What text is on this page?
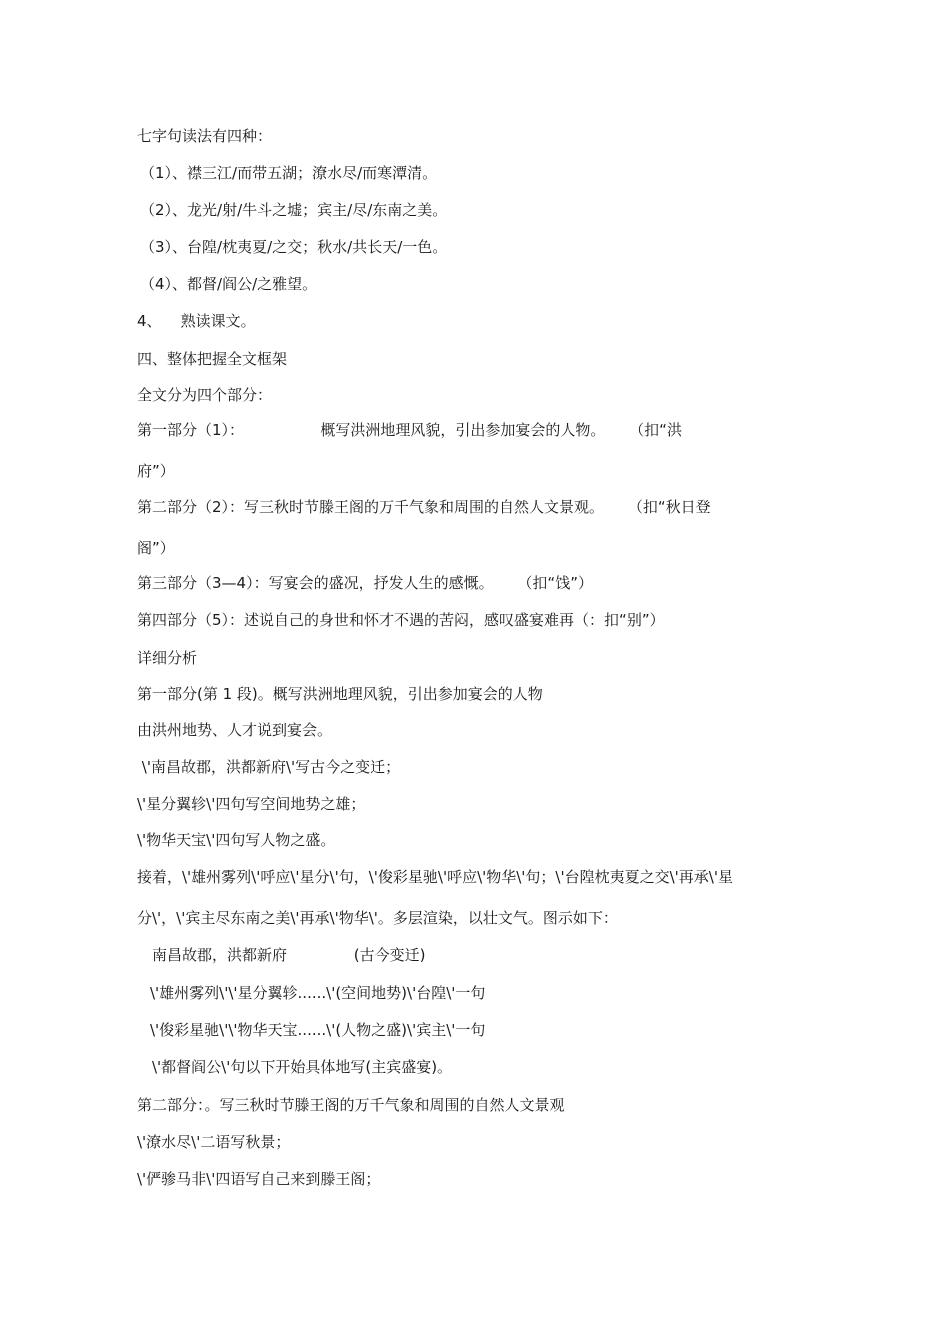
七字句读法有四种：
（1）、襟三江/而带五湖；潦水尽/而寒潭清。
（2）、龙光/射/牛斗之墟；宾主/尽/东南之美。
（3）、台隍/枕夷夏/之交；秋水/共长天/一色。
（4）、都督/阎公/之雅望。
4、    熟读课文。
四、整体把握全文框架
全文分为四个部分：
第一部分（1）：                概写洪洲地理风貌，引出参加宴会的人物。     （扣“洪
府”）
第二部分（2）：写三秋时节滕王阁的万千气象和周围的自然人文景观。     （扣“秋日登
阁”）
第三部分（3—4）：写宴会的盛况，抒发人生的感慨。     （扣“饯”）
第四部分（5）：述说自己的身世和怀才不遇的苦闷，感叹盛宴难再（：扣“别”）
详细分析
第一部分(第 1 段)。概写洪洲地理风貌，引出参加宴会的人物
由洪州地势、人才说到宴会。
\'南昌故郡，洪都新府\'写古今之变迁；
\'星分翼轸\'四句写空间地势之雄；
\'物华天宝\'四句写人物之盛。
接着，\'雄州雾列\'呼应\'星分\'句，\'俊彩星驰\'呼应\'物华\'句；\'台隍枕夷夏之交\'再承\'星
分\'，\'宾主尽东南之美\'再承\'物华\'。多层渲染，以壮文气。图示如下：
南昌故郡，洪都新府              (古今变迁)
\'雄州雾列\'\'星分翼轸......\'(空间地势)\'台隍\'一句
\'俊彩星驰\'\'物华天宝......\'(人物之盛)\'宾主\'一句
\'都督阎公\'句以下开始具体地写(主宾盛宴)。
第二部分：。写三秋时节滕王阁的万千气象和周围的自然人文景观
\'潦水尽\'二语写秋景；
\'俨骖马非\'四语写自己来到滕王阁；
